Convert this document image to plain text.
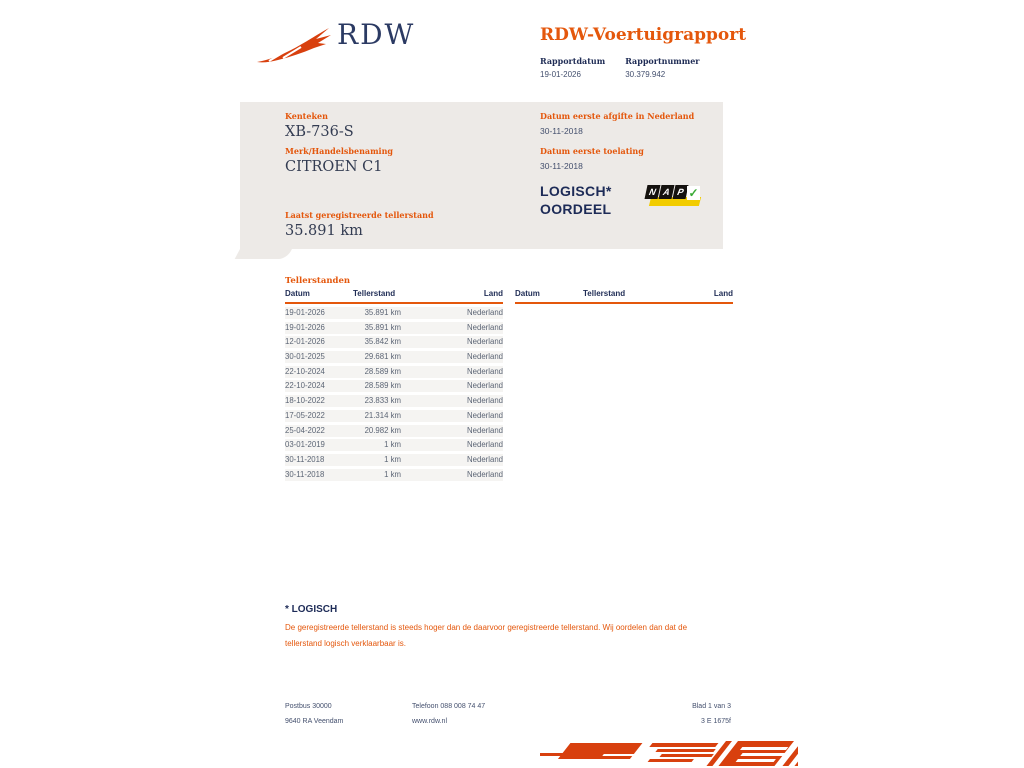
RDW	RDW-Voertuigrapport
Rapportdatum
19-01-2026
Rapportnummer
30.379.942
Kenteken
XB-736-S
Merk/Handelsbenaming
CITROEN C1
Laatst geregistreerde tellerstand
35.891 km
Datum eerste afgifte in Nederland
30-11-2018
Datum eerste toelating
30-11-2018
LOGISCH*
OORDEEL
N A P ✓
Tellerstanden
Datum	Tellerstand	Land
19-01-2026	35.891 km	Nederland
19-01-2026	35.891 km	Nederland
12-01-2026	35.842 km	Nederland
30-01-2025	29.681 km	Nederland
22-10-2024	28.589 km	Nederland
22-10-2024	28.589 km	Nederland
18-10-2022	23.833 km	Nederland
17-05-2022	21.314 km	Nederland
25-04-2022	20.982 km	Nederland
03-01-2019	1 km	Nederland
30-11-2018	1 km	Nederland
30-11-2018	1 km	Nederland
Datum	Tellerstand	Land
* LOGISCH
De geregistreerde tellerstand is steeds hoger dan de daarvoor geregistreerde tellerstand. Wij oordelen dan dat de tellerstand logisch verklaarbaar is.
Postbus 30000
9640 RA Veendam
Telefoon 088 008 74 47
www.rdw.nl
Blad 1 van 3
3 E 1675f
